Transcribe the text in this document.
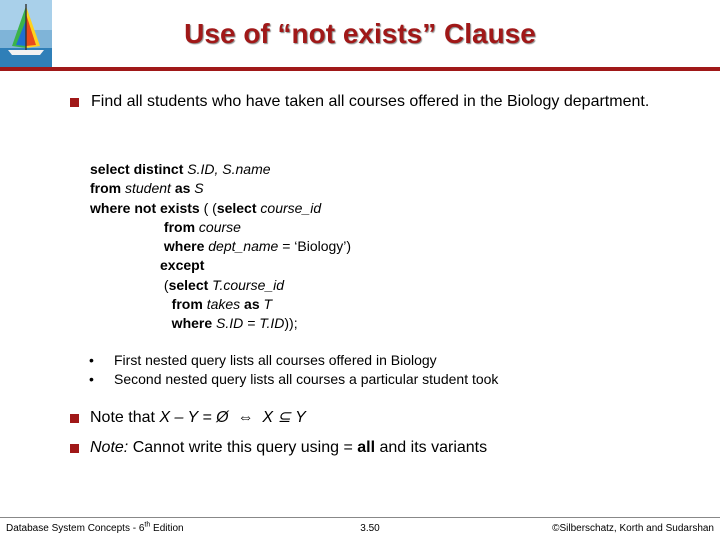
Use of “not exists” Clause
Find all students who have taken all courses offered in the Biology department.
select distinct S.ID, S.name
from student as S
where not exists ( (select course_id
from course
where dept_name = ‘Biology’)
except
(select T.course_id
from takes as T
where S.ID = T.ID));
• First nested query lists all courses offered in Biology
• Second nested query lists all courses a particular student took
Note that X – Y = Ø ⇔ X ⊆ Y
Note: Cannot write this query using = all and its variants
Database System Concepts - 6th Edition	3.50	©Silberschatz, Korth and Sudarshan
